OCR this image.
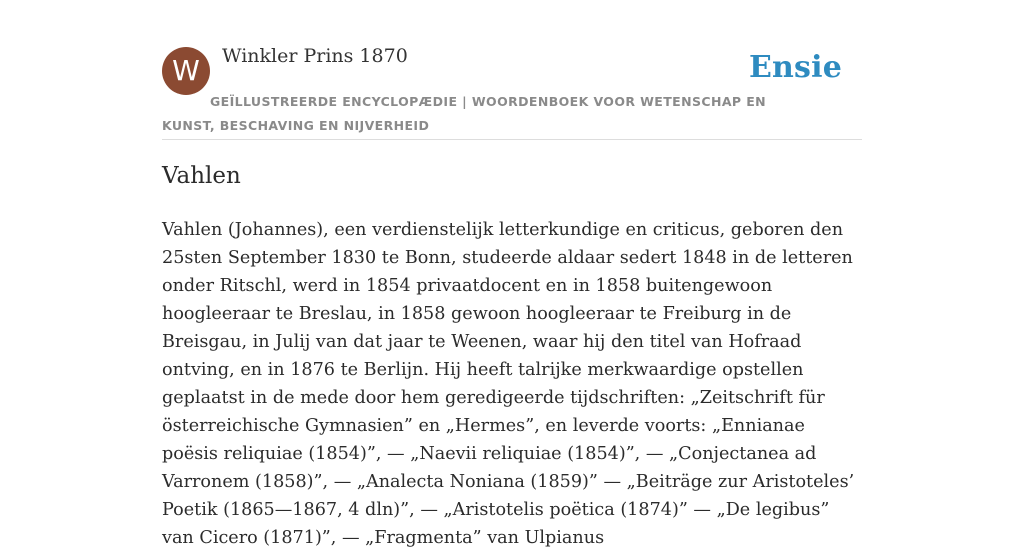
W	Winkler Prins 1870	Ensie
GEÏLLUSTREERDE ENCYCLOPÆDIE | WOORDENBOEK VOOR WETENSCHAP EN KUNST, BESCHAVING EN NIJVERHEID
Vahlen

Vahlen (Johannes), een verdienstelijk letterkundige en criticus, geboren den 25sten September 1830 te Bonn, studeerde aldaar sedert 1848 in de letteren onder Ritschl, werd in 1854 privaatdocent en in 1858 buitengewoon hoogleeraar te Breslau, in 1858 gewoon hoogleeraar te Freiburg in de Breisgau, in Julij van dat jaar te Weenen, waar hij den titel van Hofraad ontving, en in 1876 te Berlijn. Hij heeft talrijke merkwaardige opstellen geplaatst in de mede door hem geredigeerde tijdschriften: „Zeitschrift für österreichische Gymnasien” en „Hermes”, en leverde voorts: „Ennianae poësis reliquiae (1854)”, — „Naevii reliquiae (1854)”, — „Conjectanea ad Varronem (1858)”, — „Analecta Noniana (1859)” — „Beiträge zur Aristoteles’ Poetik (1865—1867, 4 dln)”, — „Aristotelis poëtica (1874)” — „De legibus” van Cicero (1871)”, — „Fragmenta” van Ulpianus
